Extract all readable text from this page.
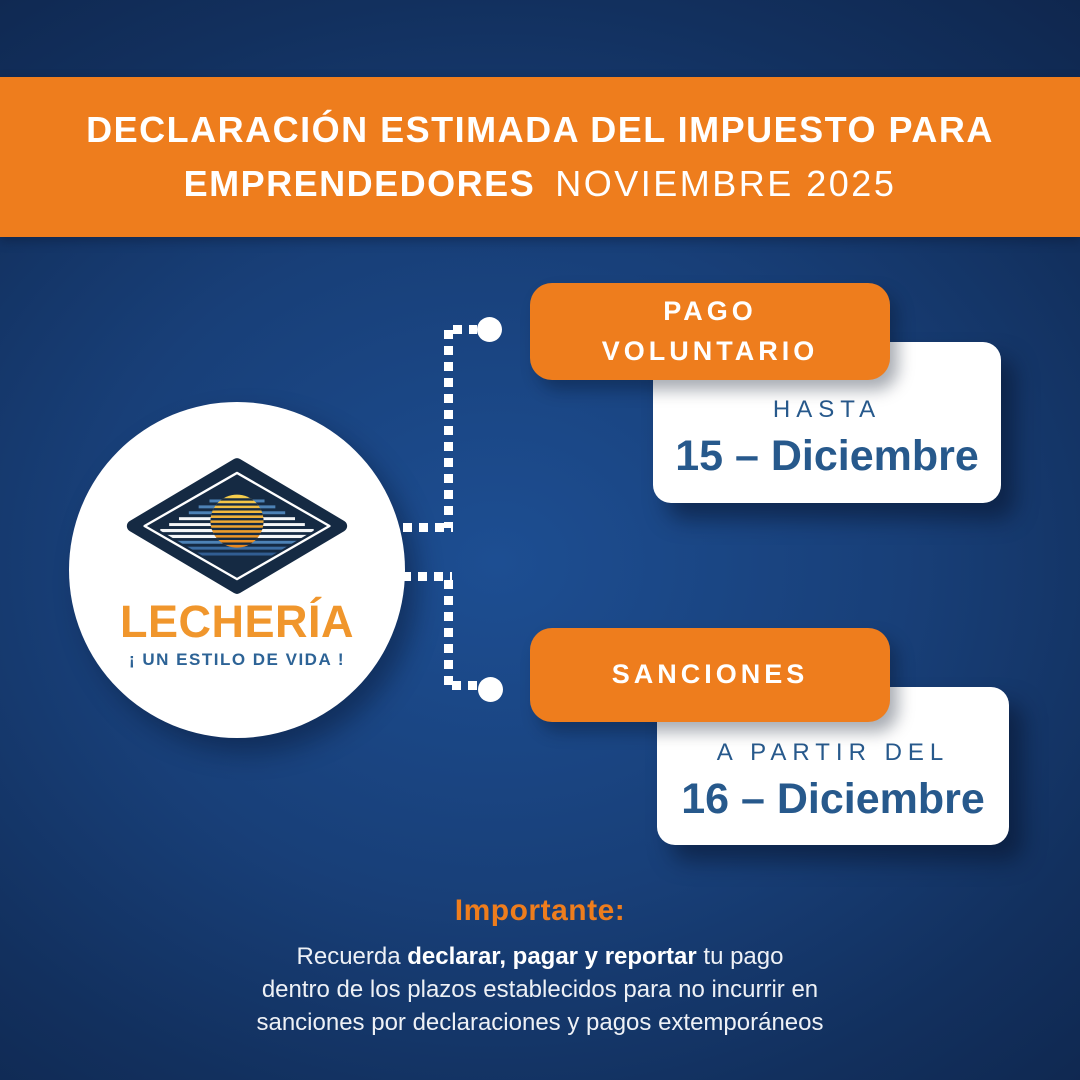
DECLARACIÓN ESTIMADA DEL IMPUESTO PARA
EMPRENDEDORES NOVIEMBRE 2025
LECHERÍA
¡ UN ESTILO DE VIDA !
PAGO VOLUNTARIO
HASTA
15 – Diciembre
SANCIONES
A PARTIR DEL
16 – Diciembre
Importante:

Recuerda declarar, pagar y reportar tu pago
dentro de los plazos establecidos para no incurrir en
sanciones por declaraciones y pagos extemporáneos
